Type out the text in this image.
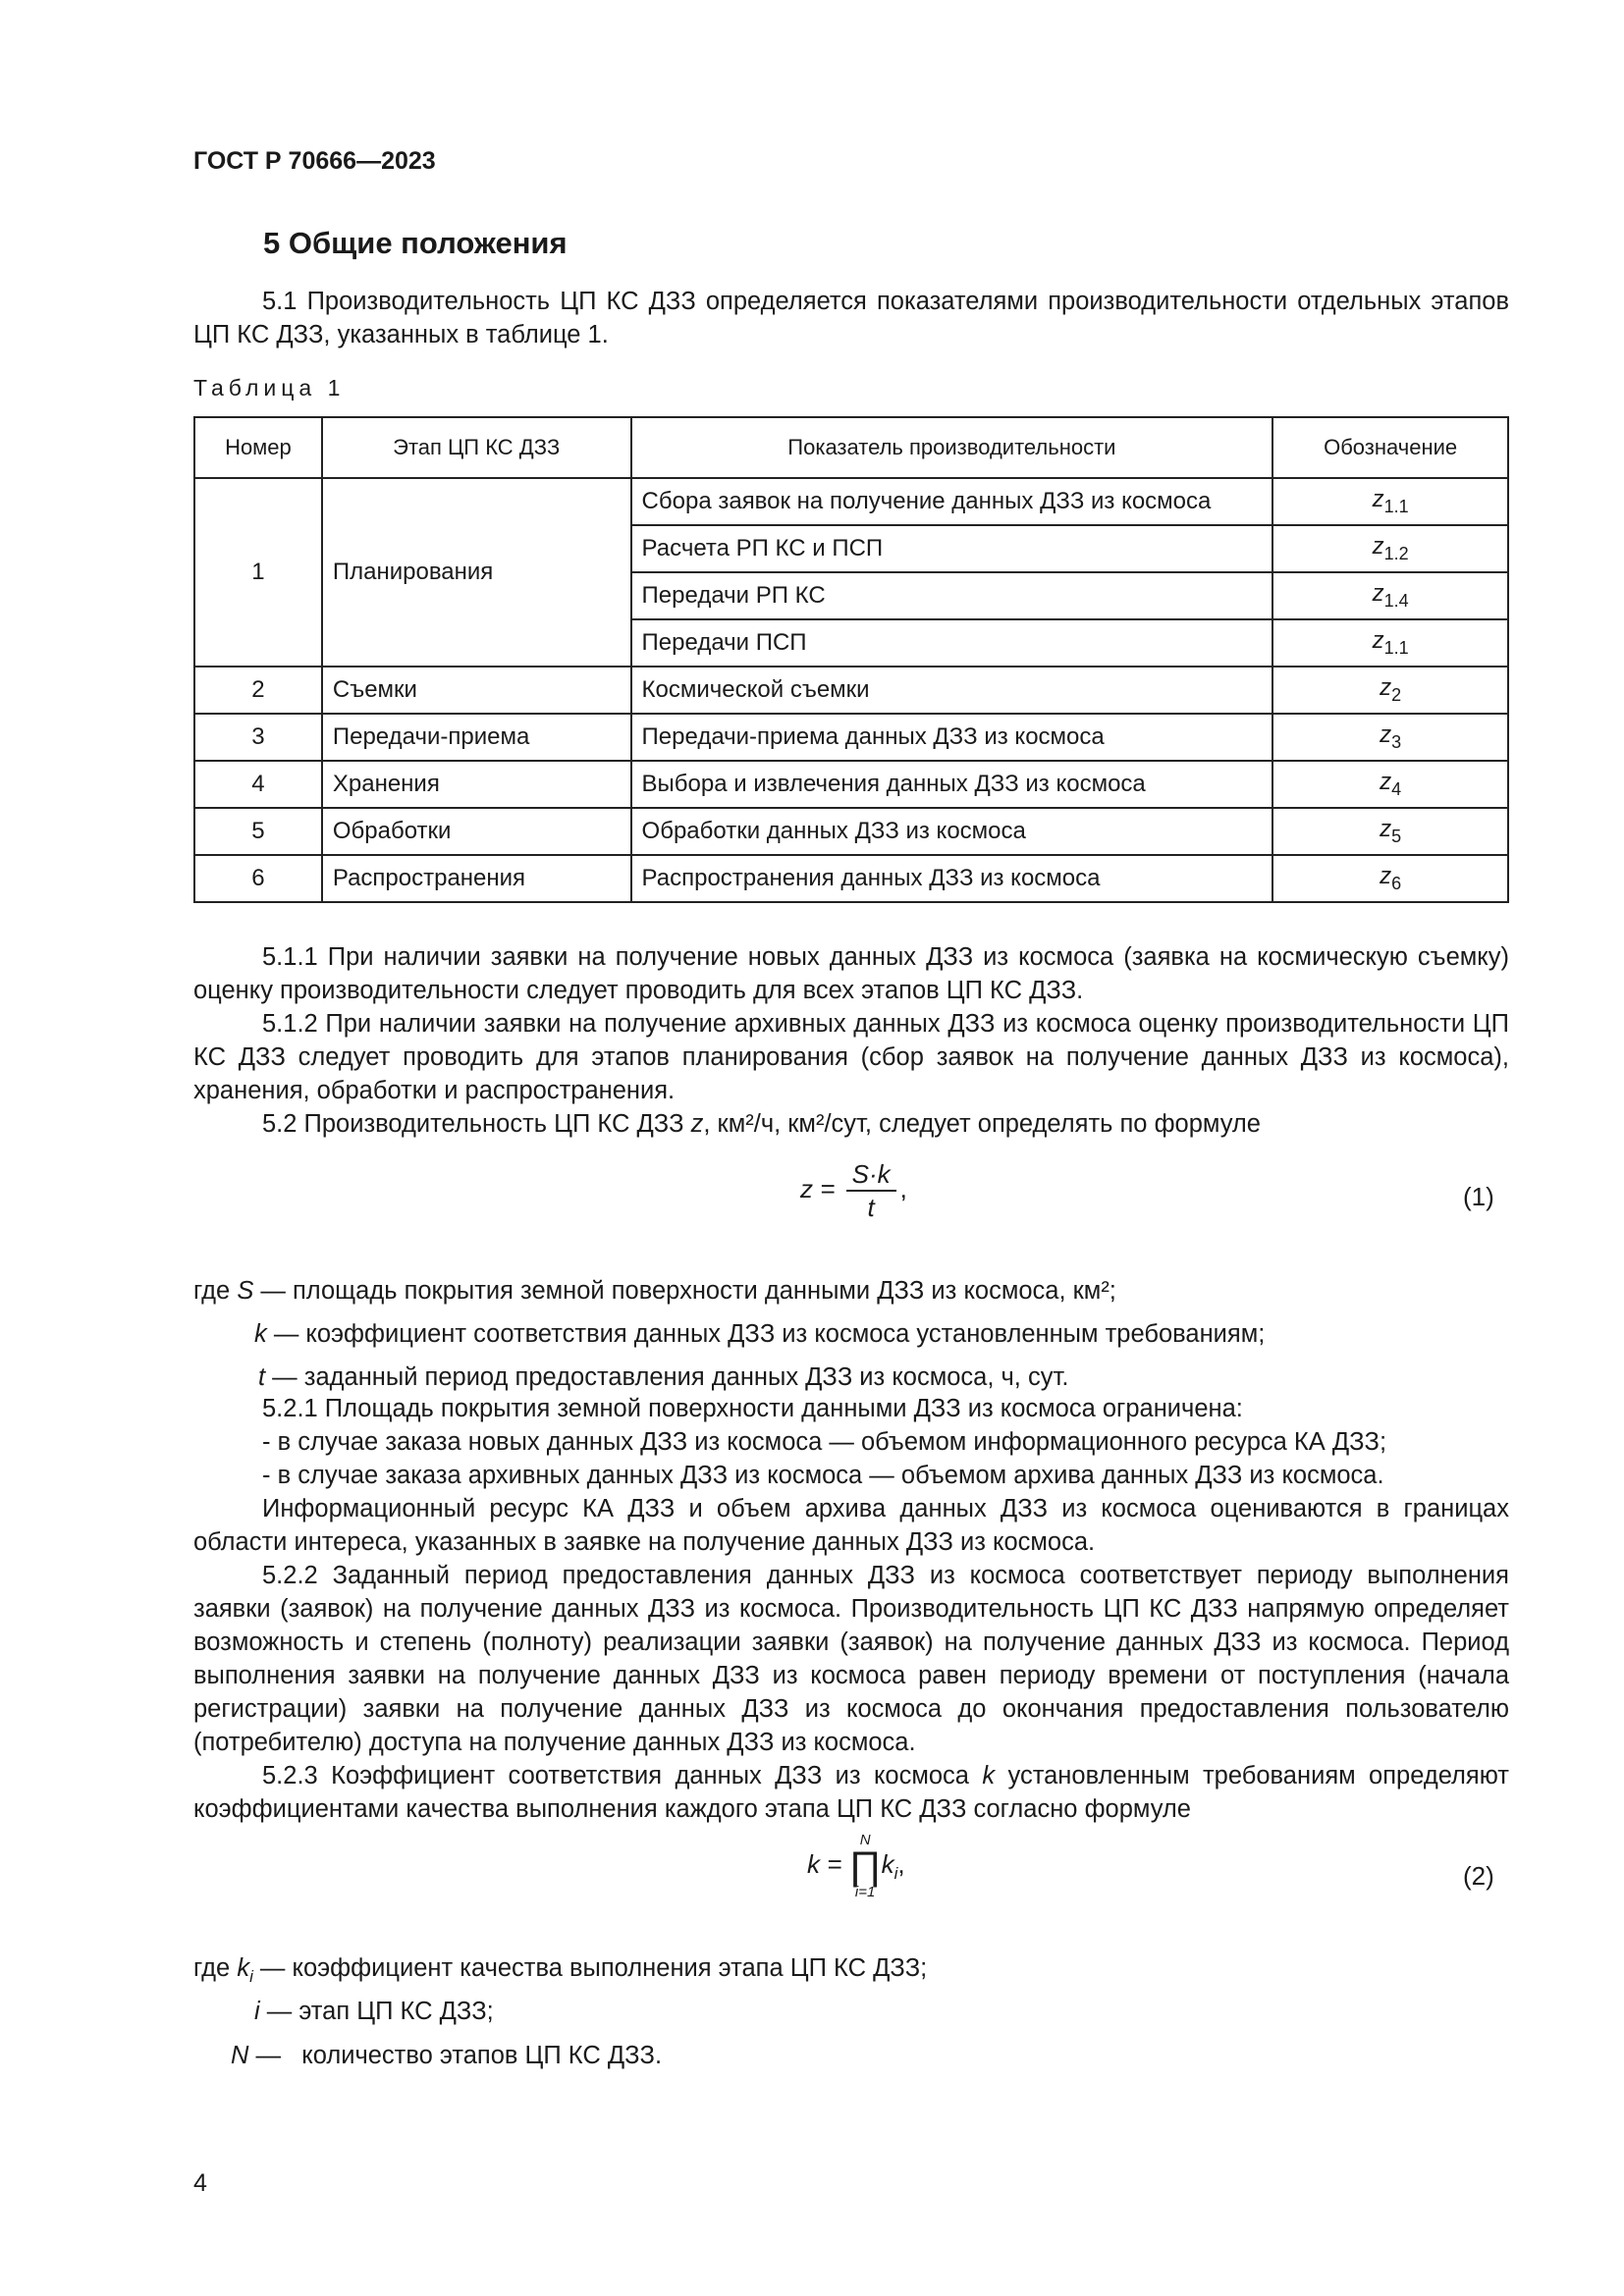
ГОСТ Р 70666—2023
5 Общие положения
5.1 Производительность ЦП КС ДЗЗ определяется показателями производительности отдельных этапов ЦП КС ДЗЗ, указанных в таблице 1.
Таблица 1
Номер	Этап ЦП КС ДЗЗ	Показатель производительности	Обозначение
1	Планирования	Сбора заявок на получение данных ДЗЗ из космоса	$z_{1.1}$
		Расчета РП КС и ПСП	$z_{1.2}$
		Передачи РП КС	$z_{1.4}$
		Передачи ПСП	$z_{1.1}$
2	Съемки	Космической съемки	$z_2$
3	Передачи-приема	Передачи-приема данных ДЗЗ из космоса	$z_3$
4	Хранения	Выбора и извлечения данных ДЗЗ из космоса	$z_4$
5	Обработки	Обработки данных ДЗЗ из космоса	$z_5$
6	Распространения	Распространения данных ДЗЗ из космоса	$z_6$
5.1.1 При наличии заявки на получение новых данных ДЗЗ из космоса (заявка на космическую съемку) оценку производительности следует проводить для всех этапов ЦП КС ДЗЗ.
5.1.2 При наличии заявки на получение архивных данных ДЗЗ из космоса оценку производительности ЦП КС ДЗЗ следует проводить для этапов планирования (сбор заявок на получение данных ДЗЗ из космоса), хранения, обработки и распространения.
5.2 Производительность ЦП КС ДЗЗ z, км²/ч, км²/сут, следует определять по формуле
$z = \frac{S\cdot k}{t}$ ,	(1)
где S — площадь покрытия земной поверхности данными ДЗЗ из космоса, км²;
k — коэффициент соответствия данных ДЗЗ из космоса установленным требованиям;
t — заданный период предоставления данных ДЗЗ из космоса, ч, сут.
5.2.1 Площадь покрытия земной поверхности данными ДЗЗ из космоса ограничена:
- в случае заказа новых данных ДЗЗ из космоса — объемом информационного ресурса КА ДЗЗ;
- в случае заказа архивных данных ДЗЗ из космоса — объемом архива данных ДЗЗ из космоса.
Информационный ресурс КА ДЗЗ и объем архива данных ДЗЗ из космоса оцениваются в границах области интереса, указанных в заявке на получение данных ДЗЗ из космоса.
5.2.2 Заданный период предоставления данных ДЗЗ из космоса соответствует периоду выполнения заявки (заявок) на получение данных ДЗЗ из космоса. Производительность ЦП КС ДЗЗ напрямую определяет возможность и степень (полноту) реализации заявки (заявок) на получение данных ДЗЗ из космоса. Период выполнения заявки на получение данных ДЗЗ из космоса равен периоду времени от поступления (начала регистрации) заявки на получение данных ДЗЗ из космоса до окончания предоставления пользователю (потребителю) доступа на получение данных ДЗЗ из космоса.
5.2.3 Коэффициент соответствия данных ДЗЗ из космоса k установленным требованиям определяют коэффициентами качества выполнения каждого этапа ЦП КС ДЗЗ согласно формуле
k =
N
∏
i=1
$k_i$,	(2)
где $k_i$ — коэффициент качества выполнения этапа ЦП КС ДЗЗ;
i — этап ЦП КС ДЗЗ;
N —   количество этапов ЦП КС ДЗЗ.
4
